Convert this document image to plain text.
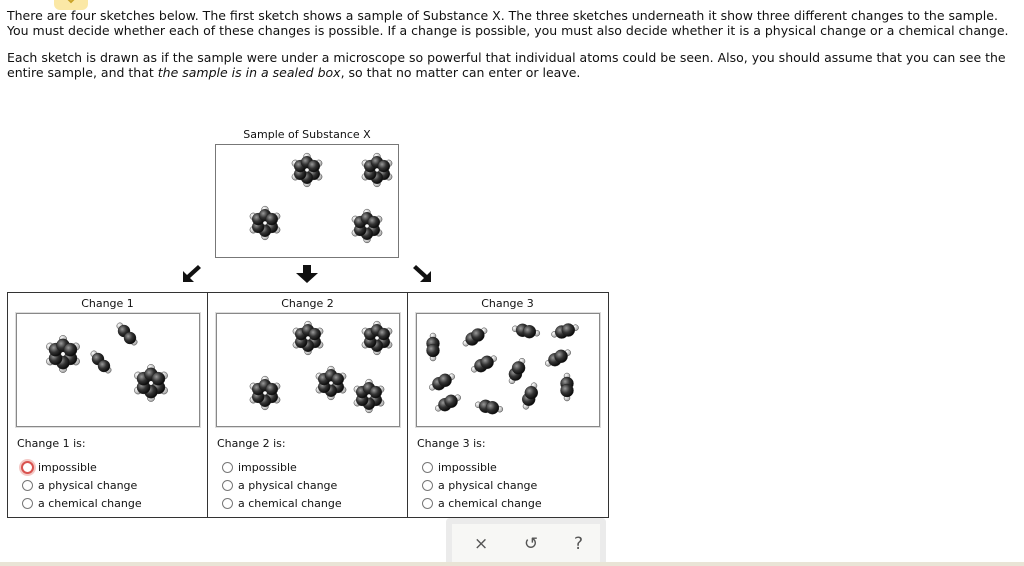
There are four sketches below. The first sketch shows a sample of Substance X. The three sketches underneath it show three different changes to the sample. You must decide whether each of these changes is possible. If a change is possible, you must also decide whether it is a physical change or a chemical change.

Each sketch is drawn as if the sample were under a microscope so powerful that individual atoms could be seen. Also, you should assume that you can see the entire sample, and that the sample is in a sealed box, so that no matter can enter or leave.

Sample of Substance X
Change 1
Change 1 is:
impossible
a physical change
a chemical change
Change 2
Change 2 is:
impossible
a physical change
a chemical change
Change 3
Change 3 is:
impossible
a physical change
a chemical change
× ↺ ?
